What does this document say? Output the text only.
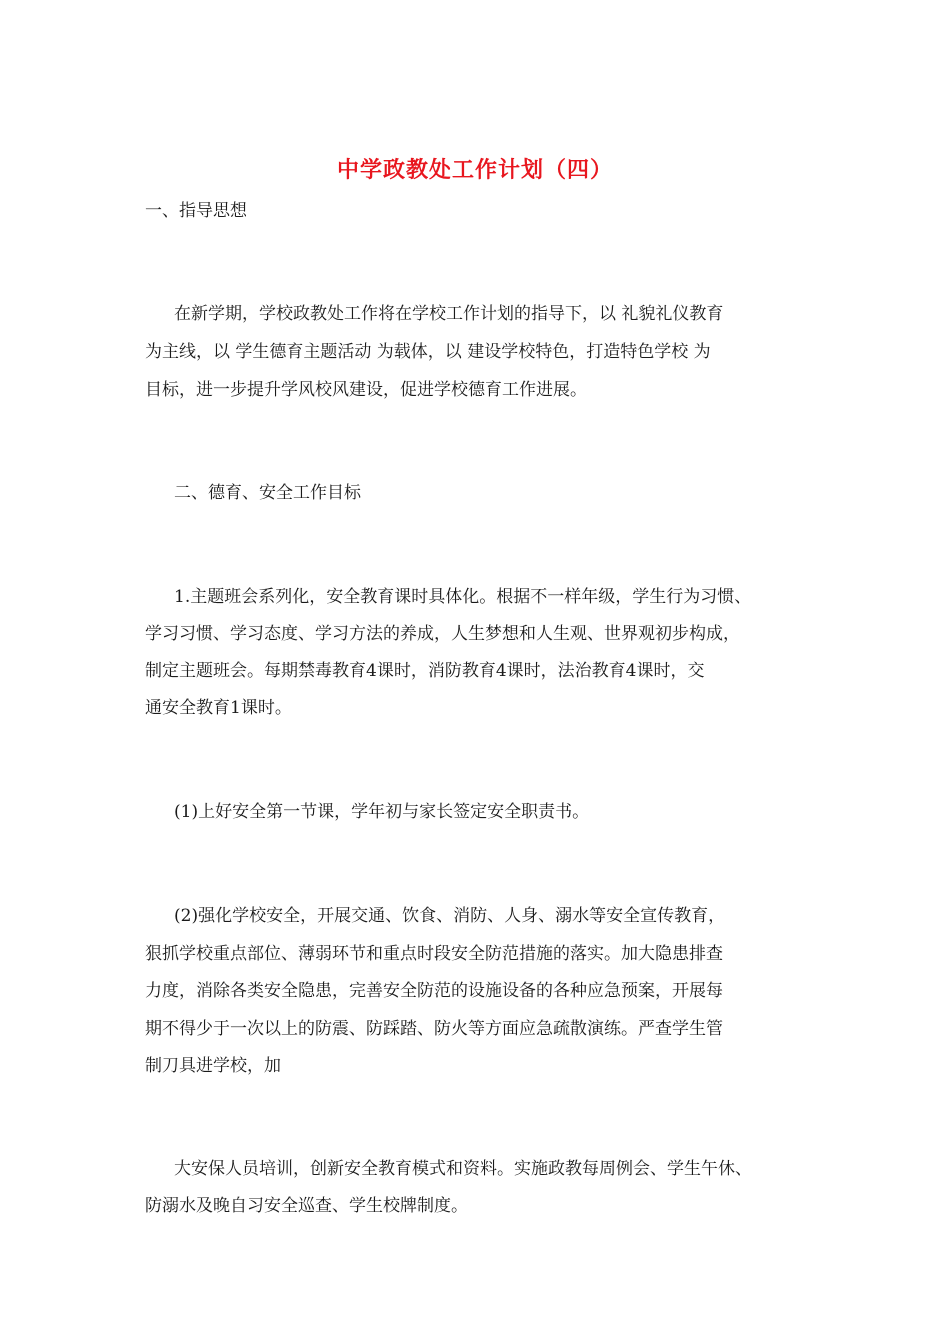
中学政教处工作计划（四）
一、指导思想
在新学期，学校政教处工作将在学校工作计划的指导下，以 礼貌礼仪教育
为主线，以 学生德育主题活动 为载体，以 建设学校特色，打造特色学校 为
目标，进一步提升学风校风建设，促进学校德育工作进展。
二、德育、安全工作目标
1.主题班会系列化，安全教育课时具体化。根据不一样年级，学生行为习惯、
学习习惯、学习态度、学习方法的养成，人生梦想和人生观、世界观初步构成，
制定主题班会。每期禁毒教育4课时，消防教育4课时，法治教育4课时，交
通安全教育1课时。
(1)上好安全第一节课，学年初与家长签定安全职责书。
(2)强化学校安全，开展交通、饮食、消防、人身、溺水等安全宣传教育，
狠抓学校重点部位、薄弱环节和重点时段安全防范措施的落实。加大隐患排查
力度，消除各类安全隐患，完善安全防范的设施设备的各种应急预案，开展每
期不得少于一次以上的防震、防踩踏、防火等方面应急疏散演练。严查学生管
制刀具进学校，加
大安保人员培训，创新安全教育模式和资料。实施政教每周例会、学生午休、
防溺水及晚自习安全巡查、学生校牌制度。
